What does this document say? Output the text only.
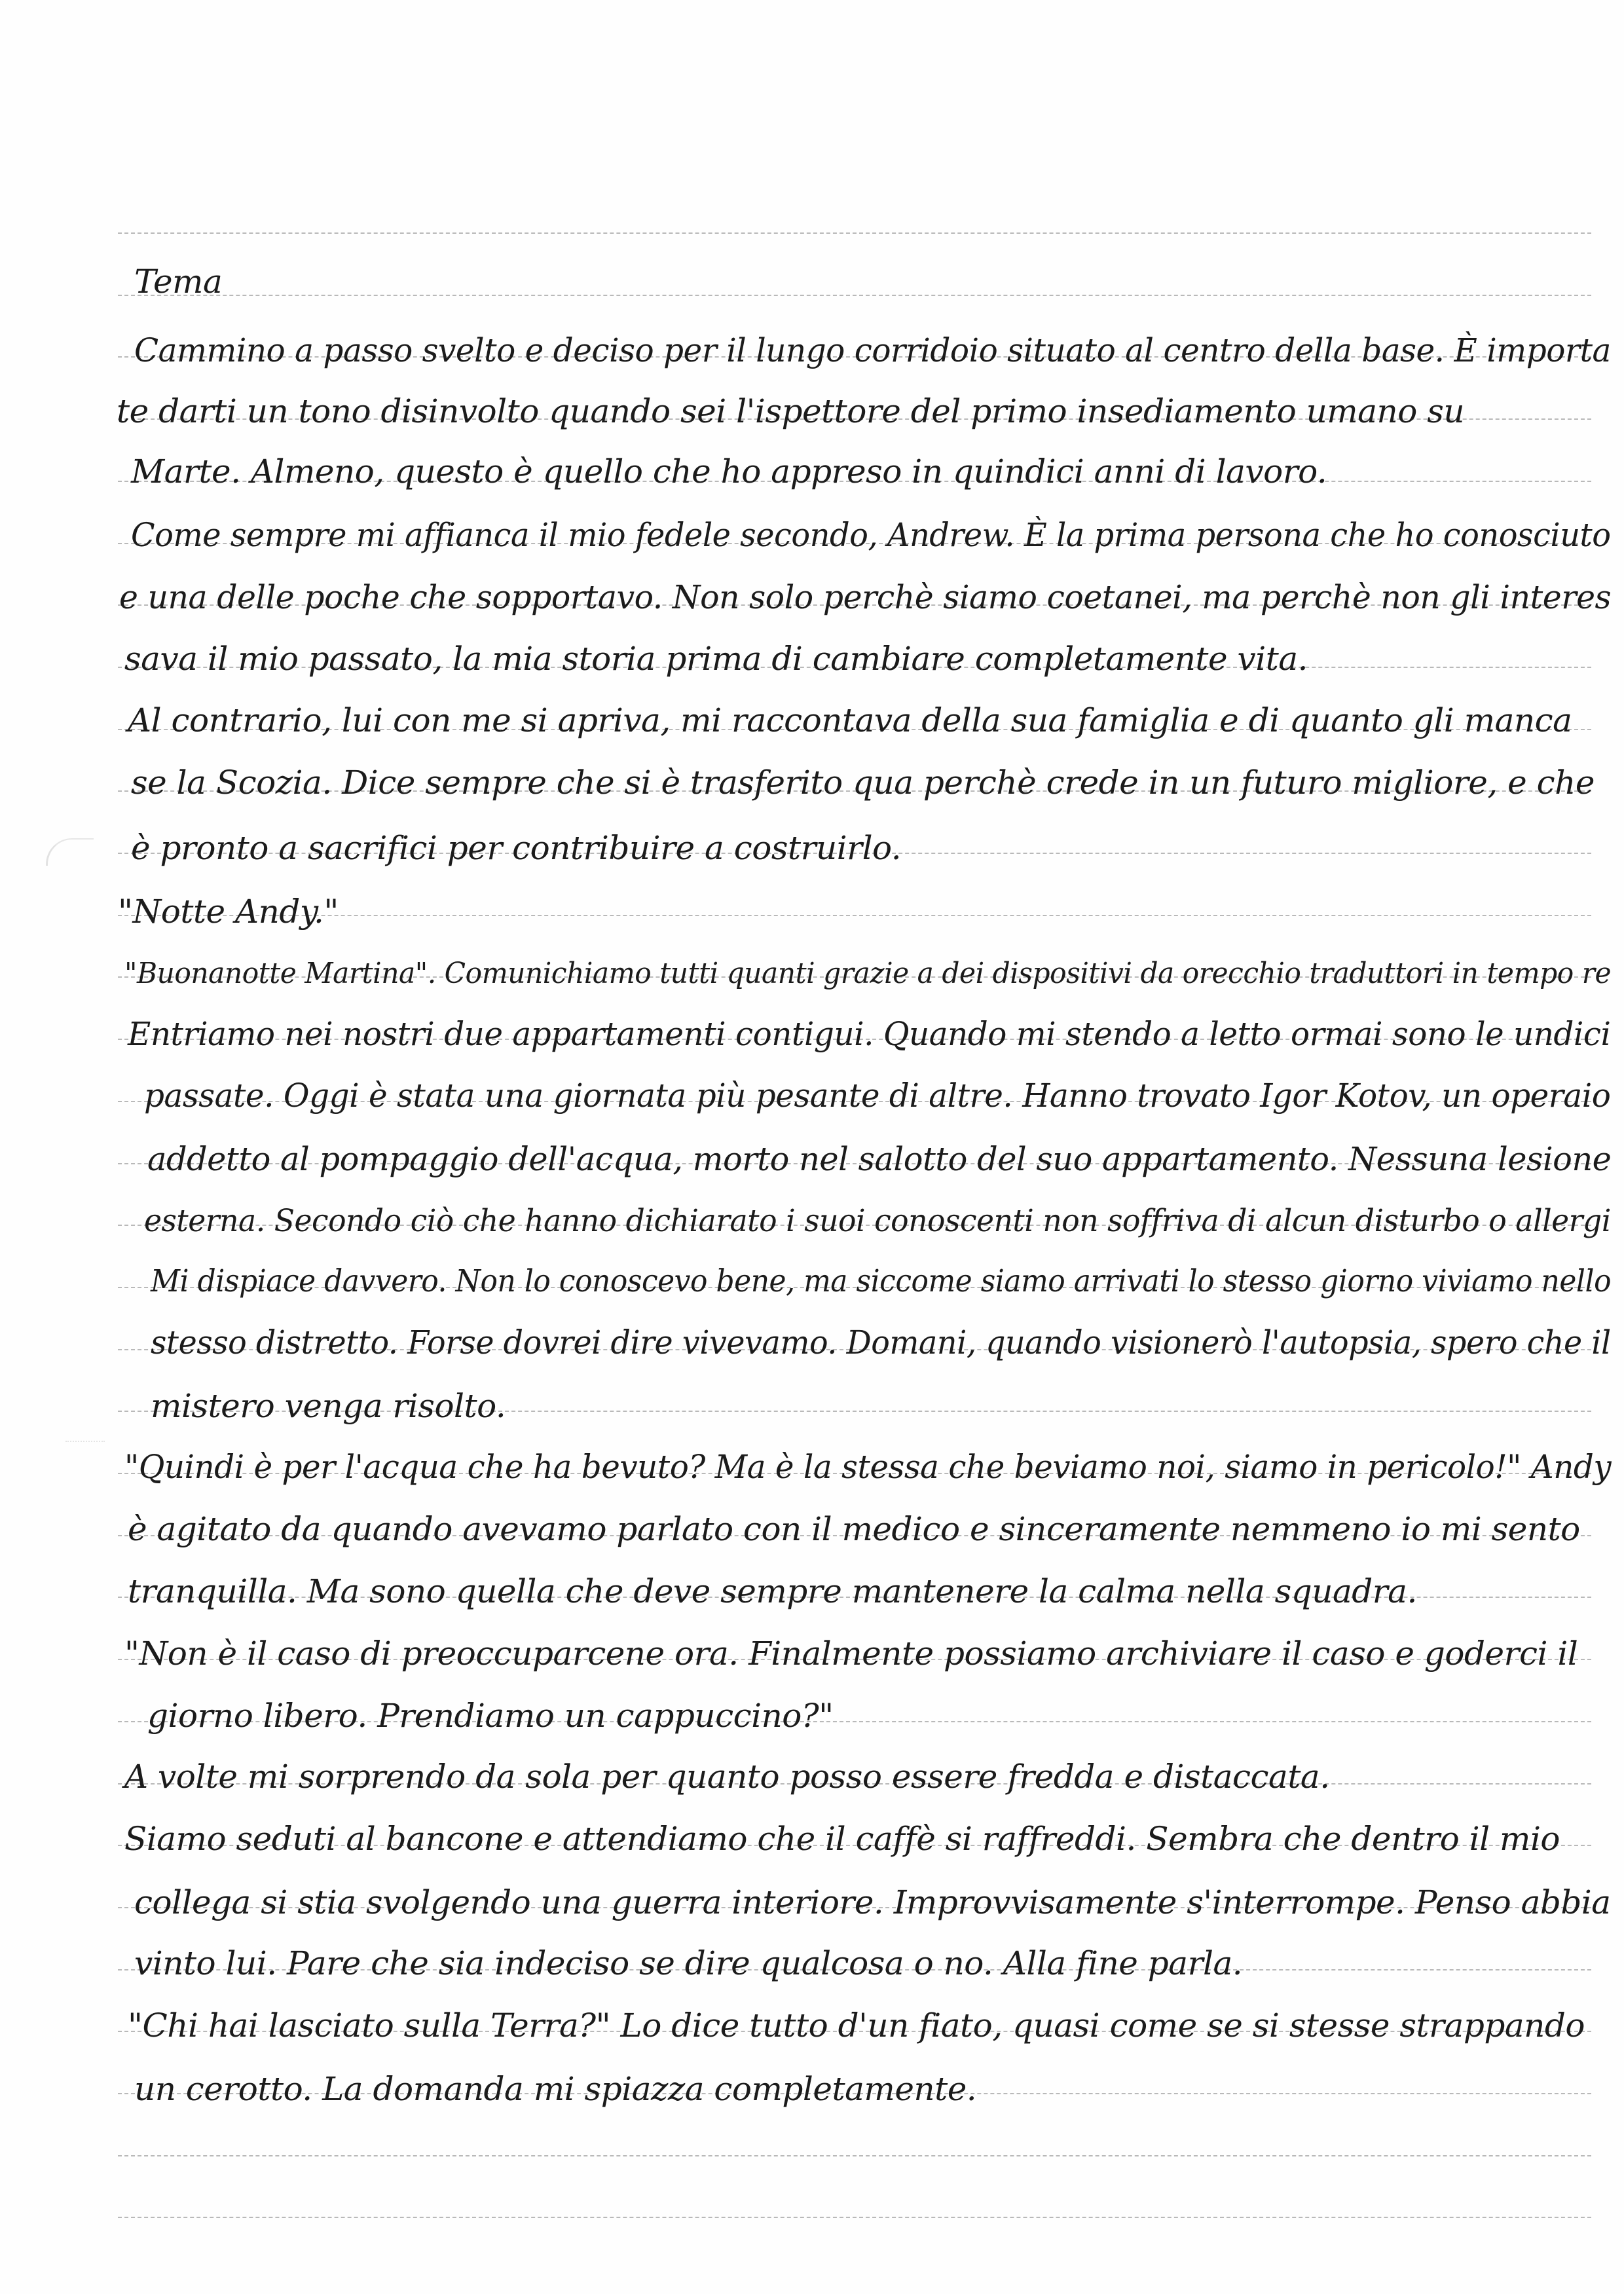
Tema
Cammino a passo svelto e deciso per il lungo corridoio situato al centro della base. È importa
te darti un tono disinvolto quando sei l'ispettore del primo insediamento umano su
Marte. Almeno, questo è quello che ho appreso in quindici anni di lavoro.
Come sempre mi affianca il mio fedele secondo, Andrew. È la prima persona che ho conosciuto
e una delle poche che sopportavo. Non solo perchè siamo coetanei, ma perchè non gli interes
sava il mio passato, la mia storia prima di cambiare completamente vita.
Al contrario, lui con me si apriva, mi raccontava della sua famiglia e di quanto gli manca
se la Scozia. Dice sempre che si è trasferito qua perchè crede in un futuro migliore, e che
è pronto a sacrifici per contribuire a costruirlo.
"Notte Andy."
"Buonanotte Martina". Comunichiamo tutti quanti grazie a dei dispositivi da orecchio traduttori in tempo re
Entriamo nei nostri due appartamenti contigui. Quando mi stendo a letto ormai sono le undici
passate. Oggi è stata una giornata più pesante di altre. Hanno trovato Igor Kotov, un operaio
addetto al pompaggio dell'acqua, morto nel salotto del suo appartamento. Nessuna lesione
esterna. Secondo ciò che hanno dichiarato i suoi conoscenti non soffriva di alcun disturbo o allergi
Mi dispiace davvero. Non lo conoscevo bene, ma siccome siamo arrivati lo stesso giorno viviamo nello
stesso distretto. Forse dovrei dire vivevamo. Domani, quando visionerò l'autopsia, spero che il
mistero venga risolto.
"Quindi è per l'acqua che ha bevuto? Ma è la stessa che beviamo noi, siamo in pericolo!" Andy
è agitato da quando avevamo parlato con il medico e sinceramente nemmeno io mi sento
tranquilla. Ma sono quella che deve sempre mantenere la calma nella squadra.
"Non è il caso di preoccuparcene ora. Finalmente possiamo archiviare il caso e goderci il
giorno libero. Prendiamo un cappuccino?"
A volte mi sorprendo da sola per quanto posso essere fredda e distaccata.
Siamo seduti al bancone e attendiamo che il caffè si raffreddi. Sembra che dentro il mio
collega si stia svolgendo una guerra interiore. Improvvisamente s'interrompe. Penso abbia
vinto lui. Pare che sia indeciso se dire qualcosa o no. Alla fine parla.
"Chi hai lasciato sulla Terra?" Lo dice tutto d'un fiato, quasi come se si stesse strappando
un cerotto. La domanda mi spiazza completamente.
